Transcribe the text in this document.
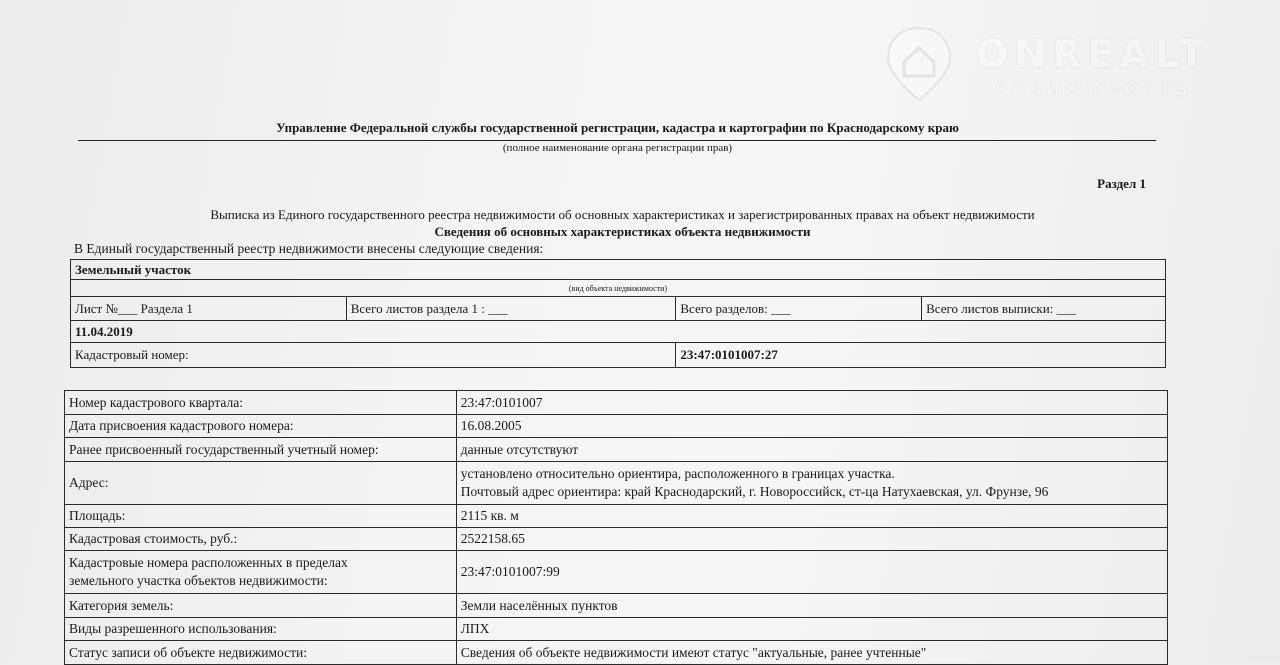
ONREALT
НЕДВИЖИМОСТЬ
Управление Федеральной службы государственной регистрации, кадастра и картографии по Краснодарскому краю
(полное наименование органа регистрации прав)
Раздел 1
Выписка из Единого государственного реестра недвижимости об основных характеристиках и зарегистрированных правах на объект недвижимости
Сведения об основных характеристиках объекта недвижимости
В Единый государственный реестр недвижимости внесены следующие сведения:
Земельный участок			
(вид объекта недвижимости)			
Лист №___ Раздела 1	Всего листов раздела 1 : ___	Всего разделов: ___	Всего листов выписки: ___
11.04.2019			
Кадастровый номер:		23:47:0101007:27	
Номер кадастрового квартала:	23:47:0101007
Дата присвоения кадастрового номера:	16.08.2005
Ранее присвоенный государственный учетный номер:	данные отсутствуют
Адрес:	установлено относительно ориентира, расположенного в границах участка.
Почтовый адрес ориентира: край Краснодарский, г. Новороссийск, ст-ца Натухаевская, ул. Фрунзе, 96

Площадь:	2115 кв. м
Кадастровая стоимость, руб.:	2522158.65

Кадастровые номера расположенных в пределах
земельного участка объектов недвижимости:	23:47:0101007:99
Категория земель:	Земли населённых пунктов
Виды разрешенного использования:	ЛПХ
Статус записи об объекте недвижимости:	Сведения об объекте недвижимости имеют статус "актуальные, ранее учтенные"
